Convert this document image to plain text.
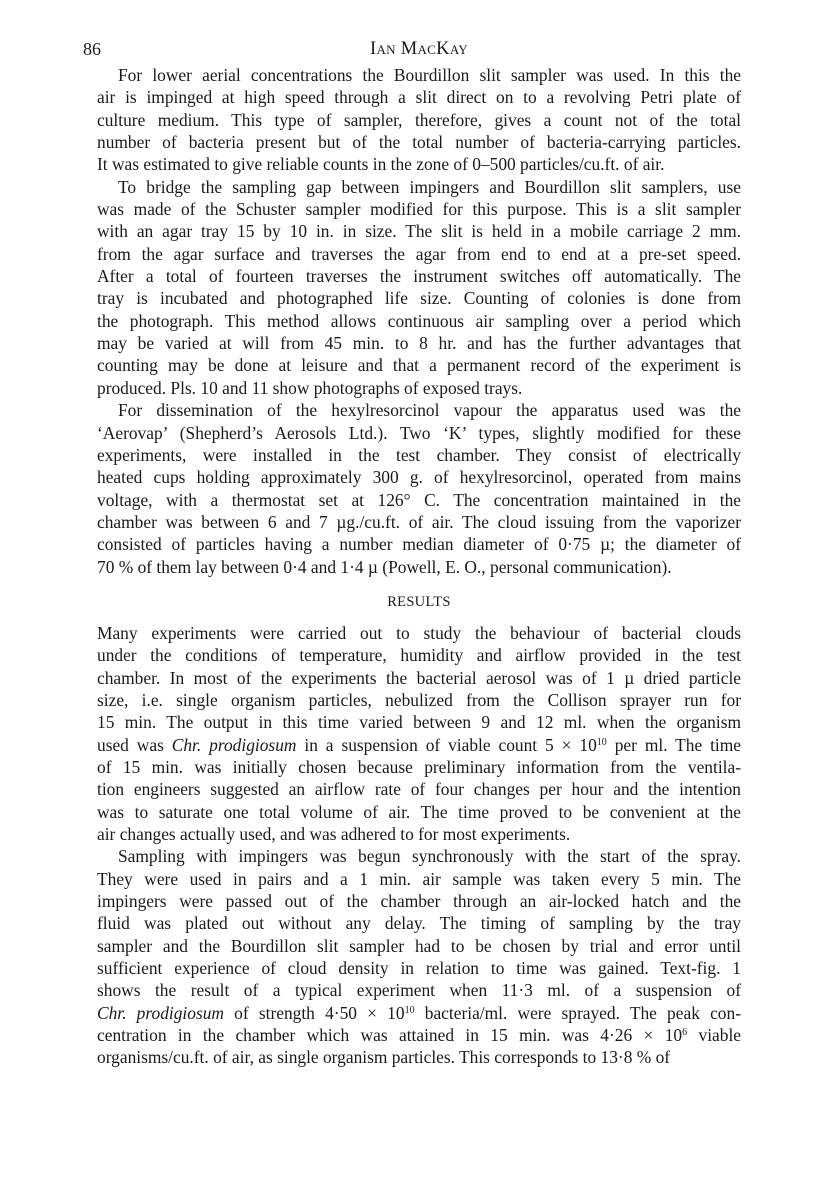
86	Ian MacKay
For lower aerial concentrations the Bourdillon slit sampler was used. In this the
air is impinged at high speed through a slit direct on to a revolving Petri plate of
culture medium. This type of sampler, therefore, gives a count not of the total
number of bacteria present but of the total number of bacteria-carrying particles.
It was estimated to give reliable counts in the zone of 0–500 particles/cu.ft. of air.
To bridge the sampling gap between impingers and Bourdillon slit samplers, use
was made of the Schuster sampler modified for this purpose. This is a slit sampler
with an agar tray 15 by 10 in. in size. The slit is held in a mobile carriage 2 mm.
from the agar surface and traverses the agar from end to end at a pre-set speed.
After a total of fourteen traverses the instrument switches off automatically. The
tray is incubated and photographed life size. Counting of colonies is done from
the photograph. This method allows continuous air sampling over a period which
may be varied at will from 45 min. to 8 hr. and has the further advantages that
counting may be done at leisure and that a permanent record of the experiment is
produced. Pls. 10 and 11 show photographs of exposed trays.
For dissemination of the hexylresorcinol vapour the apparatus used was the
‘Aerovap’ (Shepherd’s Aerosols Ltd.). Two ‘K’ types, slightly modified for these
experiments, were installed in the test chamber. They consist of electrically
heated cups holding approximately 300 g. of hexylresorcinol, operated from mains
voltage, with a thermostat set at 126° C. The concentration maintained in the
chamber was between 6 and 7 µg./cu.ft. of air. The cloud issuing from the vaporizer
consisted of particles having a number median diameter of 0·75 µ; the diameter of
70 % of them lay between 0·4 and 1·4 µ (Powell, E. O., personal communication).
RESULTS
Many experiments were carried out to study the behaviour of bacterial clouds
under the conditions of temperature, humidity and airflow provided in the test
chamber. In most of the experiments the bacterial aerosol was of 1 µ dried particle
size, i.e. single organism particles, nebulized from the Collison sprayer run for
15 min. The output in this time varied between 9 and 12 ml. when the organism
used was Chr. prodigiosum in a suspension of viable count $5 \times 10^{10}$ per ml. The time
of 15 min. was initially chosen because preliminary information from the ventila-
tion engineers suggested an airflow rate of four changes per hour and the intention
was to saturate one total volume of air. The time proved to be convenient at the
air changes actually used, and was adhered to for most experiments.
Sampling with impingers was begun synchronously with the start of the spray.
They were used in pairs and a 1 min. air sample was taken every 5 min. The
impingers were passed out of the chamber through an air-locked hatch and the
fluid was plated out without any delay. The timing of sampling by the tray
sampler and the Bourdillon slit sampler had to be chosen by trial and error until
sufficient experience of cloud density in relation to time was gained. Text-fig. 1
shows the result of a typical experiment when 11·3 ml. of a suspension of
Chr. prodigiosum of strength $4\cdot 50 \times 10^{10}$ bacteria/ml. were sprayed. The peak con-
centration in the chamber which was attained in 15 min. was $4\cdot 26 \times 10^6$ viable
organisms/cu.ft. of air, as single organism particles. This corresponds to 13·8 % of
